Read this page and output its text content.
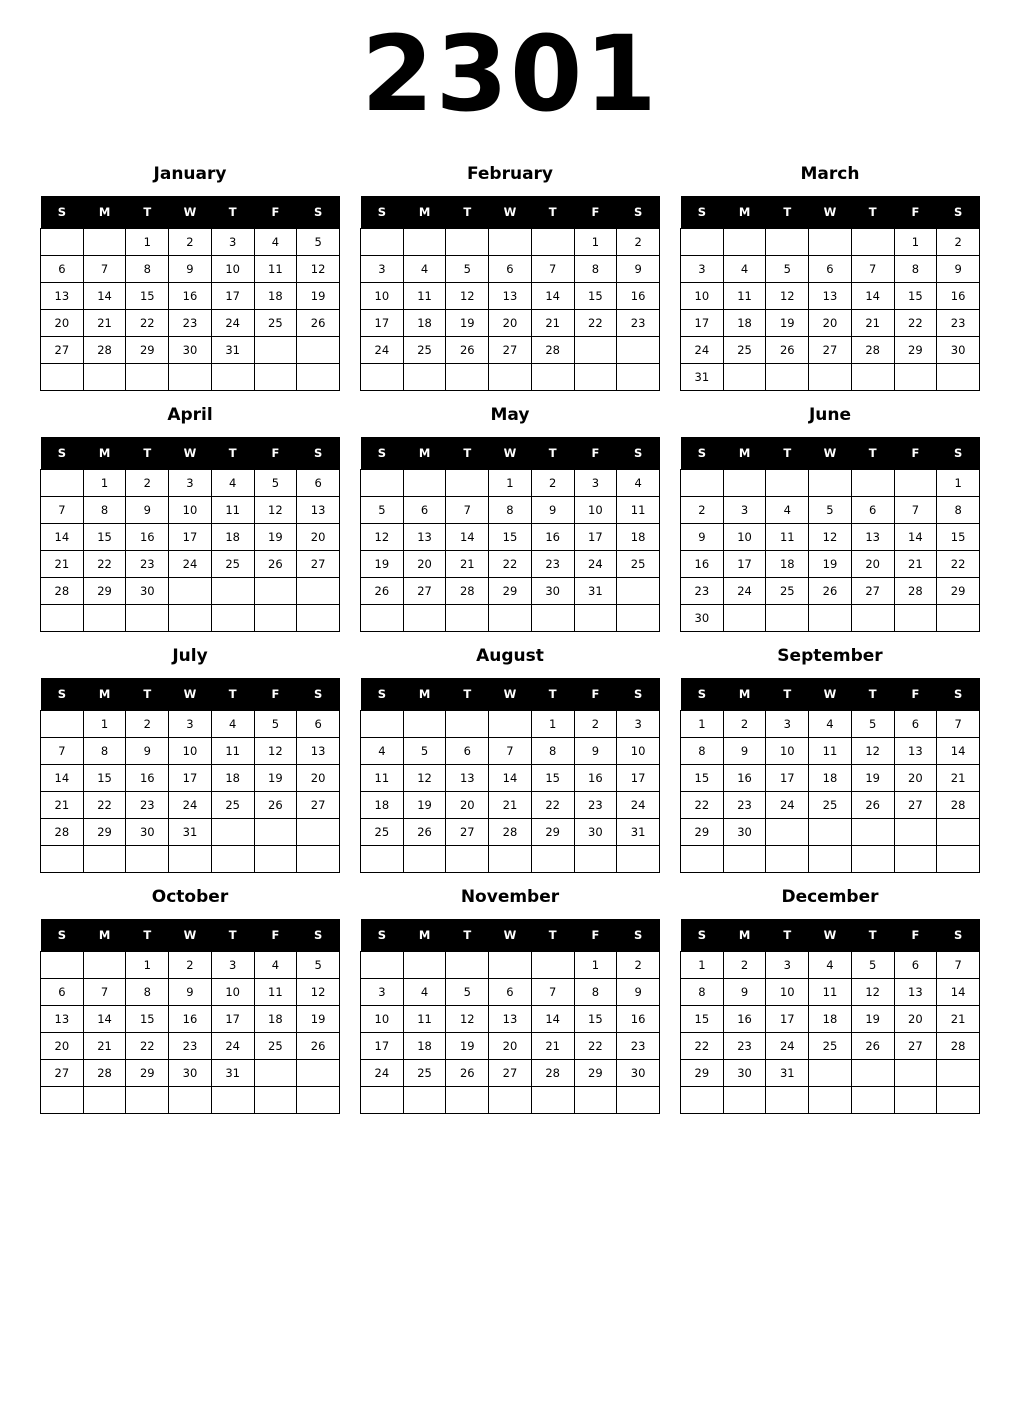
2301
January
S	M	T	W	T	F	S
		1	2	3	4	5
6	7	8	9	10	11	12
13	14	15	16	17	18	19
20	21	22	23	24	25	26
27	28	29	30	31		

February
S	M	T	W	T	F	S
					1	2
3	4	5	6	7	8	9
10	11	12	13	14	15	16
17	18	19	20	21	22	23
24	25	26	27	28		

March
S	M	T	W	T	F	S
					1	2
3	4	5	6	7	8	9
10	11	12	13	14	15	16
17	18	19	20	21	22	23
24	25	26	27	28	29	30
31						
April
S	M	T	W	T	F	S
	1	2	3	4	5	6
7	8	9	10	11	12	13
14	15	16	17	18	19	20
21	22	23	24	25	26	27
28	29	30				

May
S	M	T	W	T	F	S
			1	2	3	4
5	6	7	8	9	10	11
12	13	14	15	16	17	18
19	20	21	22	23	24	25
26	27	28	29	30	31	

June
S	M	T	W	T	F	S
						1
2	3	4	5	6	7	8
9	10	11	12	13	14	15
16	17	18	19	20	21	22
23	24	25	26	27	28	29
30						
July
S	M	T	W	T	F	S
	1	2	3	4	5	6
7	8	9	10	11	12	13
14	15	16	17	18	19	20
21	22	23	24	25	26	27
28	29	30	31			

August
S	M	T	W	T	F	S
				1	2	3
4	5	6	7	8	9	10
11	12	13	14	15	16	17
18	19	20	21	22	23	24
25	26	27	28	29	30	31

September
S	M	T	W	T	F	S
1	2	3	4	5	6	7
8	9	10	11	12	13	14
15	16	17	18	19	20	21
22	23	24	25	26	27	28
29	30					

October
S	M	T	W	T	F	S
		1	2	3	4	5
6	7	8	9	10	11	12
13	14	15	16	17	18	19
20	21	22	23	24	25	26
27	28	29	30	31		

November
S	M	T	W	T	F	S
					1	2
3	4	5	6	7	8	9
10	11	12	13	14	15	16
17	18	19	20	21	22	23
24	25	26	27	28	29	30

December
S	M	T	W	T	F	S
1	2	3	4	5	6	7
8	9	10	11	12	13	14
15	16	17	18	19	20	21
22	23	24	25	26	27	28
29	30	31				
